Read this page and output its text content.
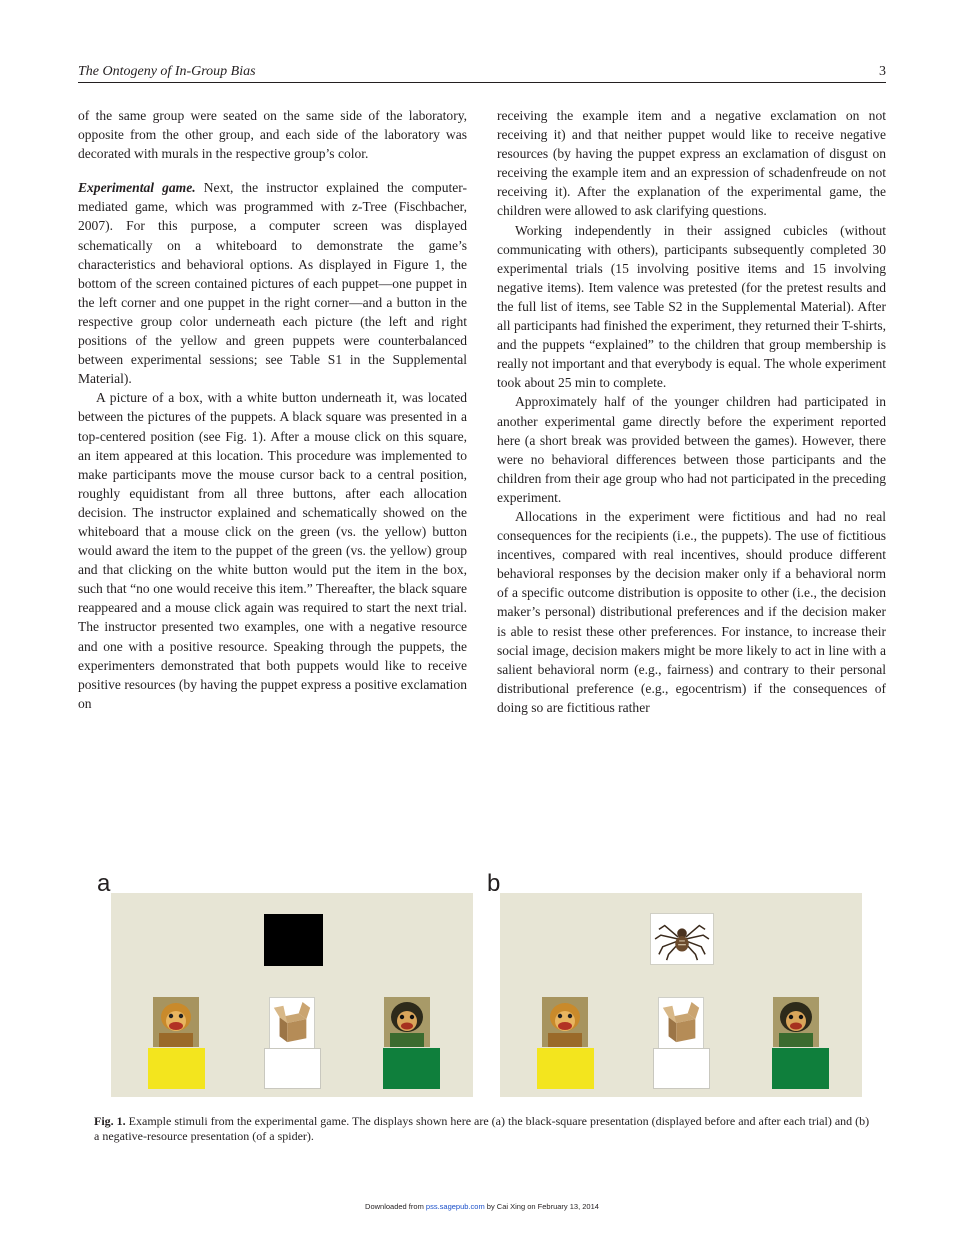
The Ontogeny of In-Group Bias	3

of the same group were seated on the same side of the laboratory, opposite from the other group, and each side of the laboratory was decorated with murals in the respective group’s color.

Experimental game. Next, the instructor explained the computer-mediated game, which was programmed with z-Tree (Fischbacher, 2007). For this purpose, a computer screen was displayed schematically on a whiteboard to demonstrate the game’s characteristics and behavioral options. As displayed in Figure 1, the bottom of the screen contained pictures of each puppet—one puppet in the left corner and one puppet in the right corner—and a button in the respective group color underneath each picture (the left and right positions of the yellow and green puppets were counterbalanced between experimental sessions; see Table S1 in the Supplemental Material).

A picture of a box, with a white button underneath it, was located between the pictures of the puppets. A black square was presented in a top-centered position (see Fig. 1). After a mouse click on this square, an item appeared at this location. This procedure was implemented to make participants move the mouse cursor back to a central position, roughly equidistant from all three buttons, after each allocation decision. The instructor explained and schematically showed on the whiteboard that a mouse click on the green (vs. the yellow) button would award the item to the puppet of the green (vs. the yellow) group and that clicking on the white button would put the item in the box, such that “no one would receive this item.” Thereafter, the black square reappeared and a mouse click again was required to start the next trial. The instructor presented two examples, one with a negative resource and one with a positive resource. Speaking through the puppets, the experimenters demonstrated that both puppets would like to receive positive resources (by having the puppet express a positive exclamation on

receiving the example item and a negative exclamation on not receiving it) and that neither puppet would like to receive negative resources (by having the puppet express an exclamation of disgust on receiving the example item and an expression of schadenfreude on not receiving it). After the explanation of the experimental game, the children were allowed to ask clarifying questions.

Working independently in their assigned cubicles (without communicating with others), participants subsequently completed 30 experimental trials (15 involving positive items and 15 involving negative items). Item valence was pretested (for the pretest results and the full list of items, see Table S2 in the Supplemental Material). After all participants had finished the experiment, they returned their T-shirts, and the puppets “explained” to the children that group membership is really not important and that everybody is equal. The whole experiment took about 25 min to complete.

Approximately half of the younger children had participated in another experimental game directly before the experiment reported here (a short break was provided between the games). However, there were no behavioral differences between those participants and the children from their age group who had not participated in the preceding experiment.

Allocations in the experiment were fictitious and had no real consequences for the recipients (i.e., the puppets). The use of fictitious incentives, compared with real incentives, should produce different behavioral responses by the decision maker only if a behavioral norm of a specific outcome distribution is opposite to other (i.e., the decision maker’s personal) distributional preferences and if the decision maker is able to resist these other preferences. For instance, to increase their social image, decision makers might be more likely to act in line with a salient behavioral norm (e.g., fairness) and contrary to their personal distributional preference (e.g., egocentrism) if the consequences of doing so are fictitious rather

a	b
Fig. 1. Example stimuli from the experimental game. The displays shown here are (a) the black-square presentation (displayed before and after each trial) and (b) a negative-resource presentation (of a spider).
Downloaded from pss.sagepub.com by Cai Xing on February 13, 2014
